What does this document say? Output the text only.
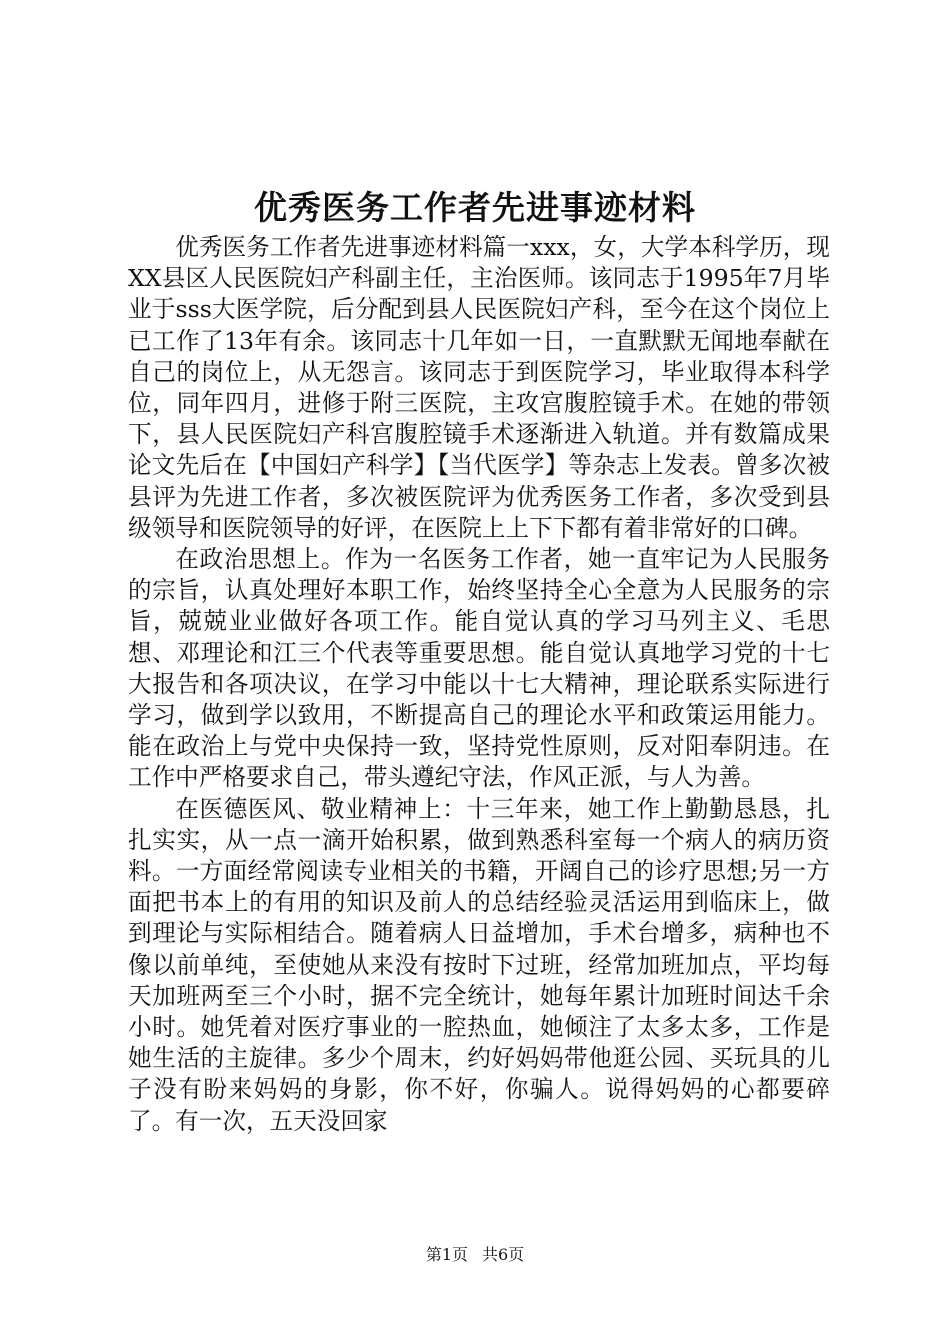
优秀医务工作者先进事迹材料

优秀医务工作者先进事迹材料篇一xxx，女，大学本科学历，现XX县区人民医院妇产科副主任，主治医师。该同志于1995年7月毕业于sss大医学院，后分配到县人民医院妇产科，至今在这个岗位上已工作了13年有余。该同志十几年如一日，一直默默无闻地奉献在自己的岗位上，从无怨言。该同志于到医院学习，毕业取得本科学位，同年四月，进修于附三医院，主攻宫腹腔镜手术。在她的带领下，县人民医院妇产科宫腹腔镜手术逐渐进入轨道。并有数篇成果论文先后在【中国妇产科学】【当代医学】等杂志上发表。曾多次被县评为先进工作者，多次被医院评为优秀医务工作者，多次受到县级领导和医院领导的好评，在医院上上下下都有着非常好的口碑。

在政治思想上。作为一名医务工作者，她一直牢记为人民服务的宗旨，认真处理好本职工作，始终坚持全心全意为人民服务的宗旨，兢兢业业做好各项工作。能自觉认真的学习马列主义、毛思想、邓理论和江三个代表等重要思想。能自觉认真地学习党的十七大报告和各项决议，在学习中能以十七大精神，理论联系实际进行学习，做到学以致用，不断提高自己的理论水平和政策运用能力。能在政治上与党中央保持一致，坚持党性原则，反对阳奉阴违。在工作中严格要求自己，带头遵纪守法，作风正派，与人为善。

在医德医风、敬业精神上：十三年来，她工作上勤勤恳恳，扎扎实实，从一点一滴开始积累，做到熟悉科室每一个病人的病历资料。一方面经常阅读专业相关的书籍，开阔自己的诊疗思想;另一方面把书本上的有用的知识及前人的总结经验灵活运用到临床上，做到理论与实际相结合。随着病人日益增加，手术台增多，病种也不像以前单纯，至使她从来没有按时下过班，经常加班加点，平均每天加班两至三个小时，据不完全统计，她每年累计加班时间达千余小时。她凭着对医疗事业的一腔热血，她倾注了太多太多，工作是她生活的主旋律。多少个周末，约好妈妈带他逛公园、买玩具的儿子没有盼来妈妈的身影，你不好，你骗人。说得妈妈的心都要碎了。有一次，五天没回家

第1页 共6页
